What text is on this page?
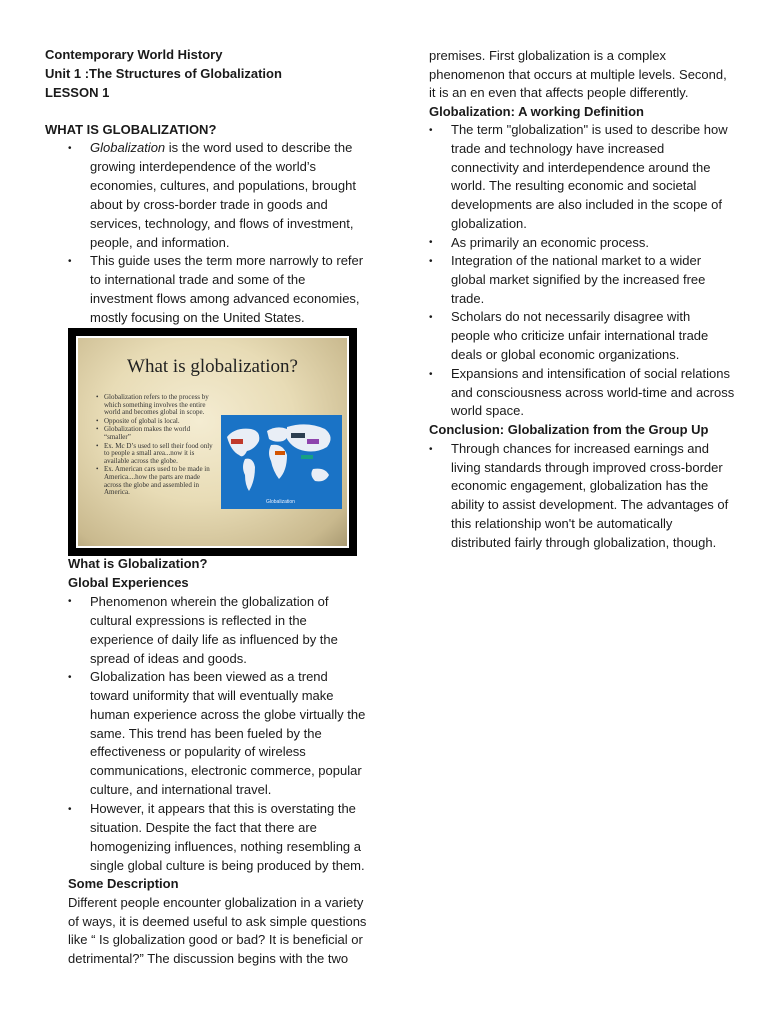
Contemporary World History
Unit 1 :The Structures of Globalization
LESSON 1
WHAT IS GLOBALIZATION?
•	Globalization is the word used to describe the
growing interdependence of the world’s
economies, cultures, and populations, brought
about by cross-border trade in goods and
services, technology, and flows of investment,
people, and information.
•	This guide uses the term more narrowly to refer
to international trade and some of the
investment flows among advanced economies,
mostly focusing on the United States.
What is globalization?
• Globalization refers to the process by which something involves the entire world and becomes global in scope.
• Opposite of global is local.
• Globalization makes the world “smaller”
• Ex. Mc D’s used to sell their food only to people a small area...now it is available across the globe.
• Ex. American cars used to be made in America....how the parts are made across the globe and assembled in America.
Globalization
What is Globalization?
Global Experiences
•	Phenomenon wherein the globalization of
cultural expressions is reflected in the
experience of daily life as influenced by the
spread of ideas and goods.
•	Globalization has been viewed as a trend
toward uniformity that will eventually make
human experience across the globe virtually the
same. This trend has been fueled by the
effectiveness or popularity of wireless
communications, electronic commerce, popular
culture, and international travel.
•	However, it appears that this is overstating the
situation. Despite the fact that there are
homogenizing influences, nothing resembling a
single global culture is being produced by them.
Some Description
Different people encounter globalization in a variety
of ways, it is deemed useful to ask simple questions
like “ Is globalization good or bad? It is beneficial or
detrimental?” The discussion begins with the two
premises. First globalization is a complex
phenomenon that occurs at multiple levels. Second,
it is an en even that affects people differently.
Globalization: A working Definition
•	The term "globalization" is used to describe how
trade and technology have increased
connectivity and interdependence around the
world. The resulting economic and societal
developments are also included in the scope of
globalization.
•	As primarily an economic process.
•	Integration of the national market to a wider
global market signified by the increased free
trade.
•	Scholars do not necessarily disagree with
people who criticize unfair international trade
deals or global economic organizations.
•	Expansions and intensification of social relations
and consciousness across world-time and across
world space.
Conclusion: Globalization from the Group Up
•	Through chances for increased earnings and
living standards through improved cross-border
economic engagement, globalization has the
ability to assist development. The advantages of
this relationship won't be automatically
distributed fairly through globalization, though.
